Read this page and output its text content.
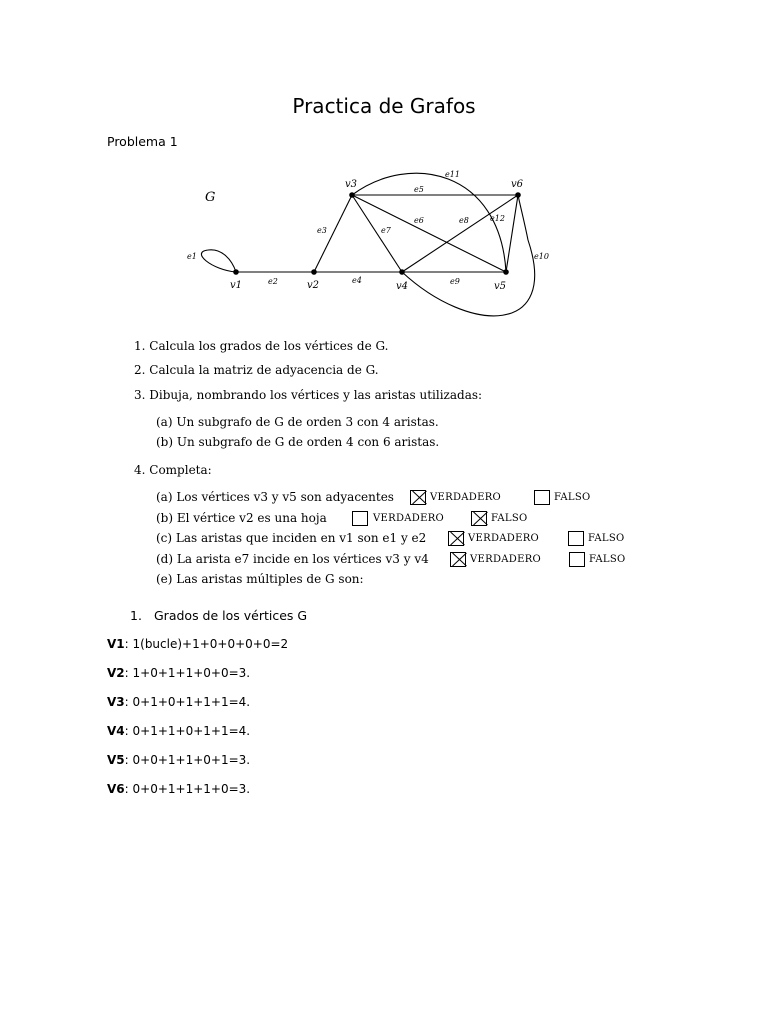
Practica de Grafos
Problema 1
G
v1	v2
v3
v4	v5
v6
e1
e2
e3
e4
e5
e6
e7
e8
e9
e10
e11
e12
1. Calcula los grados de los vértices de G.
2. Calcula la matriz de adyacencia de G.
3. Dibuja, nombrando los vértices y las aristas utilizadas:
(a) Un subgrafo de G de orden 3 con 4 aristas.
(b) Un subgrafo de G de orden 4 con 6 aristas.
4. Completa:
(a) Los vértices v3 y v5 son adyacentes	VERDADERO	FALSO
(b) El vértice v2 es una hoja	VERDADERO	FALSO
(c) Las aristas que inciden en v1 son e1 y e2	VERDADERO	FALSO
(d) La arista e7 incide en los vértices v3 y v4	VERDADERO	FALSO
(e) Las aristas múltiples de G son:
1. Grados de los vértices G
V1: 1(bucle)+1+0+0+0+0=2
V2: 1+0+1+1+0+0=3.
V3: 0+1+0+1+1+1=4.
V4: 0+1+1+0+1+1=4.
V5: 0+0+1+1+0+1=3.
V6: 0+0+1+1+1+0=3.
